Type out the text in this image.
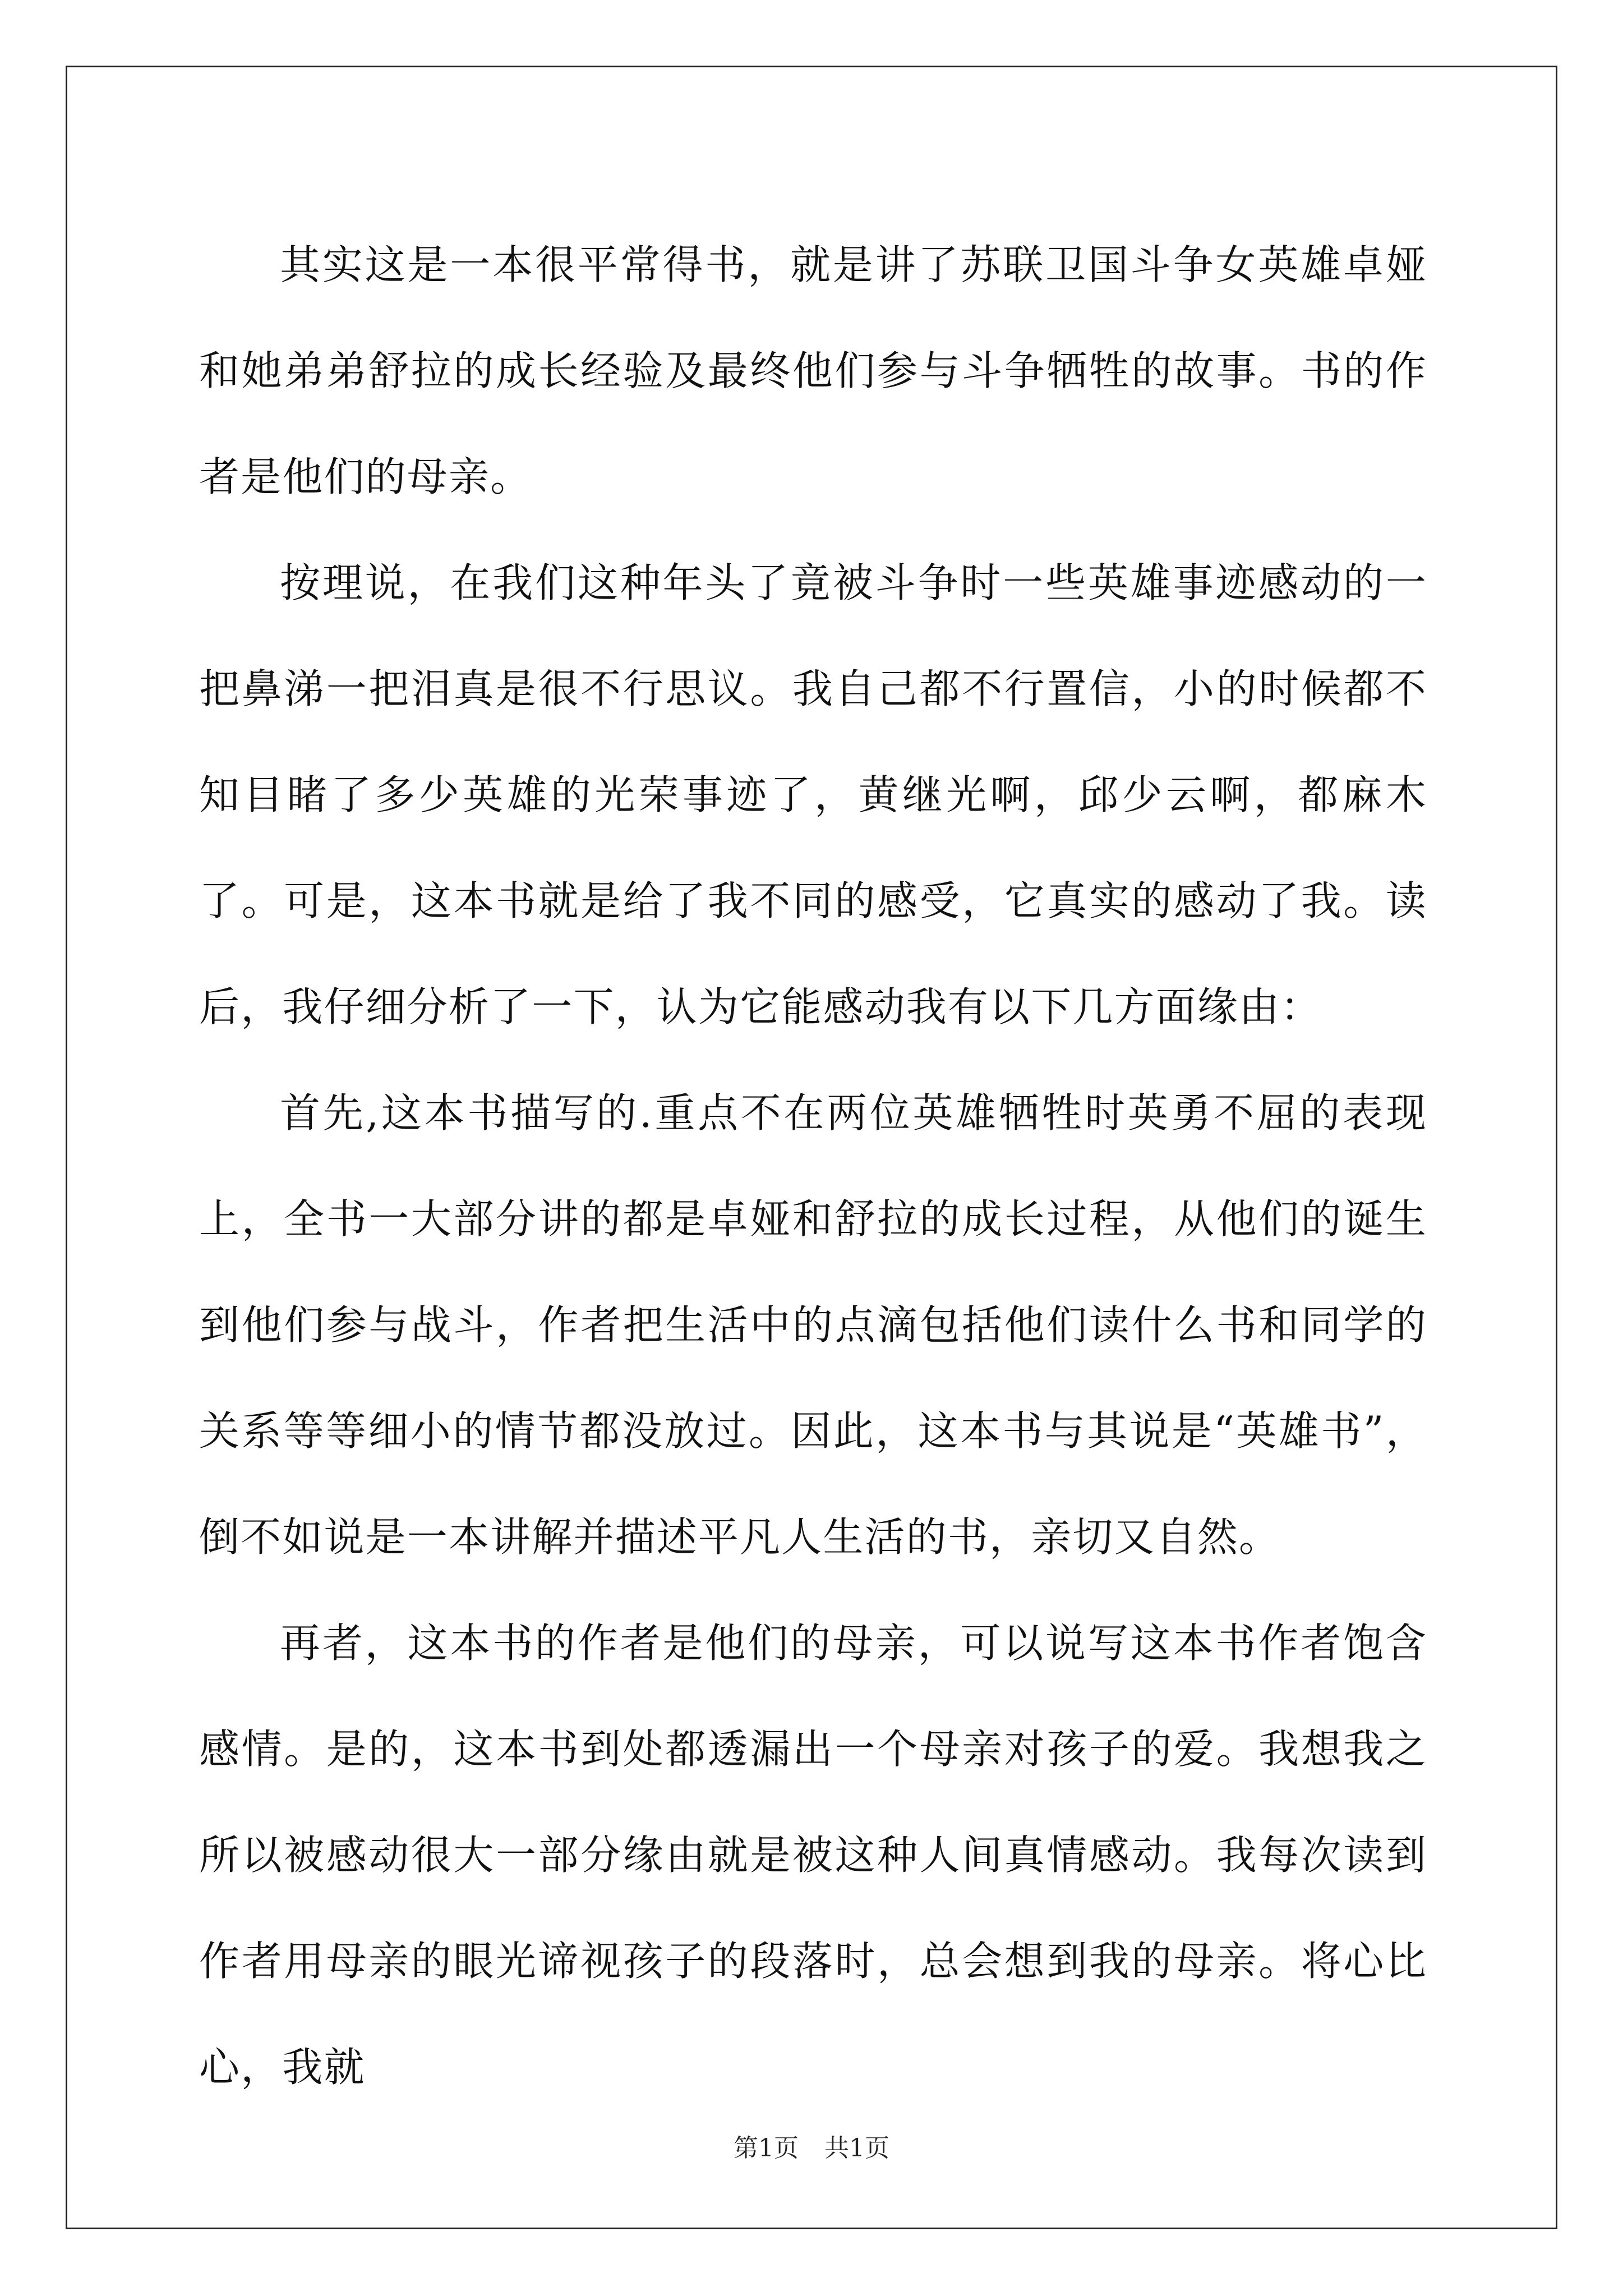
其实这是一本很平常得书，就是讲了苏联卫国斗争女英雄卓娅和她弟弟舒拉的成长经验及最终他们参与斗争牺牲的故事。书的作者是他们的母亲。

按理说，在我们这种年头了竟被斗争时一些英雄事迹感动的一把鼻涕一把泪真是很不行思议。我自己都不行置信，小的时候都不知目睹了多少英雄的光荣事迹了，黄继光啊，邱少云啊，都麻木了。可是，这本书就是给了我不同的感受，它真实的感动了我。读后，我仔细分析了一下，认为它能感动我有以下几方面缘由：

首先,这本书描写的.重点不在两位英雄牺牲时英勇不屈的表现上，全书一大部分讲的都是卓娅和舒拉的成长过程，从他们的诞生到他们参与战斗，作者把生活中的点滴包括他们读什么书和同学的关系等等细小的情节都没放过。因此，这本书与其说是“英雄书”，倒不如说是一本讲解并描述平凡人生活的书，亲切又自然。

再者，这本书的作者是他们的母亲，可以说写这本书作者饱含感情。是的，这本书到处都透漏出一个母亲对孩子的爱。我想我之所以被感动很大一部分缘由就是被这种人间真情感动。我每次读到作者用母亲的眼光谛视孩子的段落时，总会想到我的母亲。将心比心，我就

第1页 共1页
